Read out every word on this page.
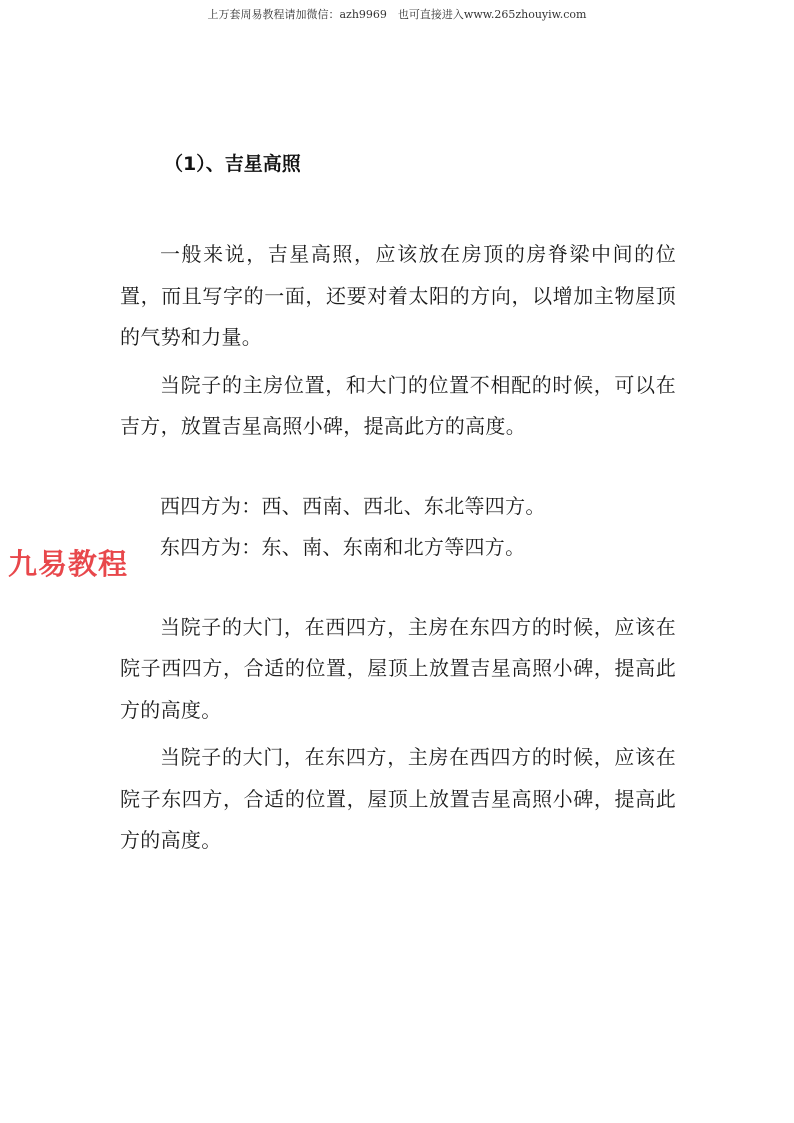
上万套周易教程请加微信：azh9969　也可直接进入www.265zhouyiw.com
（1）、吉星高照

一般来说，吉星高照，应该放在房顶的房脊梁中间的位置，而且写字的一面，还要对着太阳的方向，以增加主物屋顶的气势和力量。

当院子的主房位置，和大门的位置不相配的时候，可以在吉方，放置吉星高照小碑，提高此方的高度。

西四方为：西、西南、西北、东北等四方。

东四方为：东、南、东南和北方等四方。

当院子的大门，在西四方，主房在东四方的时候，应该在院子西四方，合适的位置，屋顶上放置吉星高照小碑，提高此方的高度。

当院子的大门，在东四方，主房在西四方的时候，应该在院子东四方，合适的位置，屋顶上放置吉星高照小碑，提高此方的高度。

九易教程
